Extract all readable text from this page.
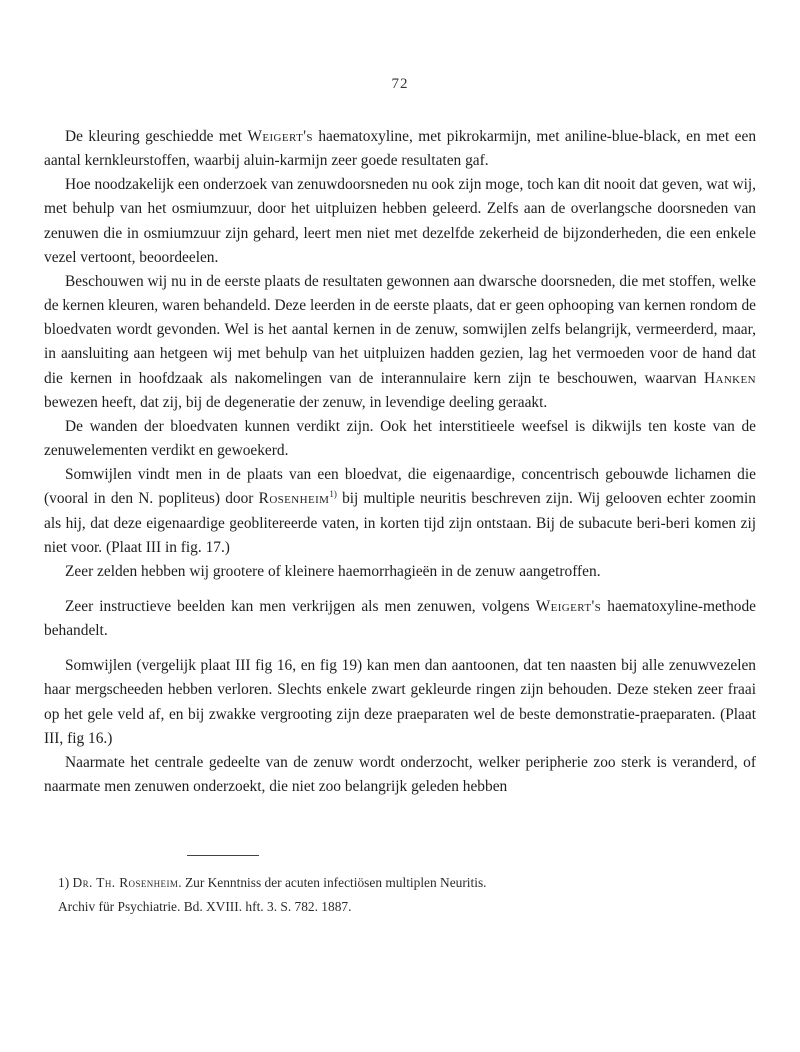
72

De kleuring geschiedde met Weigert's haematoxyline, met pikrokarmijn, met aniline-blue-black, en met een aantal kernkleurstoffen, waarbij aluin-karmijn zeer goede resultaten gaf.

Hoe noodzakelijk een onderzoek van zenuwdoorsneden nu ook zijn moge, toch kan dit nooit dat geven, wat wij, met behulp van het osmiumzuur, door het uitpluizen hebben geleerd. Zelfs aan de overlangsche doorsneden van zenuwen die in osmiumzuur zijn gehard, leert men niet met dezelfde zekerheid de bijzonderheden, die een enkele vezel vertoont, beoordeelen.

Beschouwen wij nu in de eerste plaats de resultaten gewonnen aan dwarsche doorsneden, die met stoffen, welke de kernen kleuren, waren behandeld. Deze leerden in de eerste plaats, dat er geen ophooping van kernen rondom de bloedvaten wordt gevonden. Wel is het aantal kernen in de zenuw, somwijlen zelfs belangrijk, vermeerderd, maar, in aansluiting aan hetgeen wij met behulp van het uitpluizen hadden gezien, lag het vermoeden voor de hand dat die kernen in hoofdzaak als nakomelingen van de interannulaire kern zijn te beschouwen, waarvan Hanken bewezen heeft, dat zij, bij de degeneratie der zenuw, in levendige deeling geraakt.

De wanden der bloedvaten kunnen verdikt zijn. Ook het interstitieele weefsel is dikwijls ten koste van de zenuwelementen verdikt en gewoekerd.

Somwijlen vindt men in de plaats van een bloedvat, die eigenaardige, concentrisch gebouwde lichamen die (vooral in den N. popliteus) door Rosenheim$^{1)}$ bij multiple neuritis beschreven zijn. Wij gelooven echter zoomin als hij, dat deze eigenaardige geoblitereerde vaten, in korten tijd zijn ontstaan. Bij de subacute beri-beri komen zij niet voor. (Plaat III in fig. 17.)

Zeer zelden hebben wij grootere of kleinere haemorrhagieën in de zenuw aangetroffen.

Zeer instructieve beelden kan men verkrijgen als men zenuwen, volgens Weigert's haematoxyline-methode behandelt.

Somwijlen (vergelijk plaat III fig 16, en fig 19) kan men dan aantoonen, dat ten naasten bij alle zenuwvezelen haar mergscheeden hebben verloren. Slechts enkele zwart gekleurde ringen zijn behouden. Deze steken zeer fraai op het gele veld af, en bij zwakke vergrooting zijn deze praeparaten wel de beste demonstratie-praeparaten. (Plaat III, fig 16.)

Naarmate het centrale gedeelte van de zenuw wordt onderzocht, welker peripherie zoo sterk is veranderd, of naarmate men zenuwen onderzoekt, die niet zoo belangrijk geleden hebben

1) Dr. Th. Rosenheim. Zur Kenntniss der acuten infectiösen multiplen Neuritis.
Archiv für Psychiatrie. Bd. XVIII. hft. 3. S. 782. 1887.
